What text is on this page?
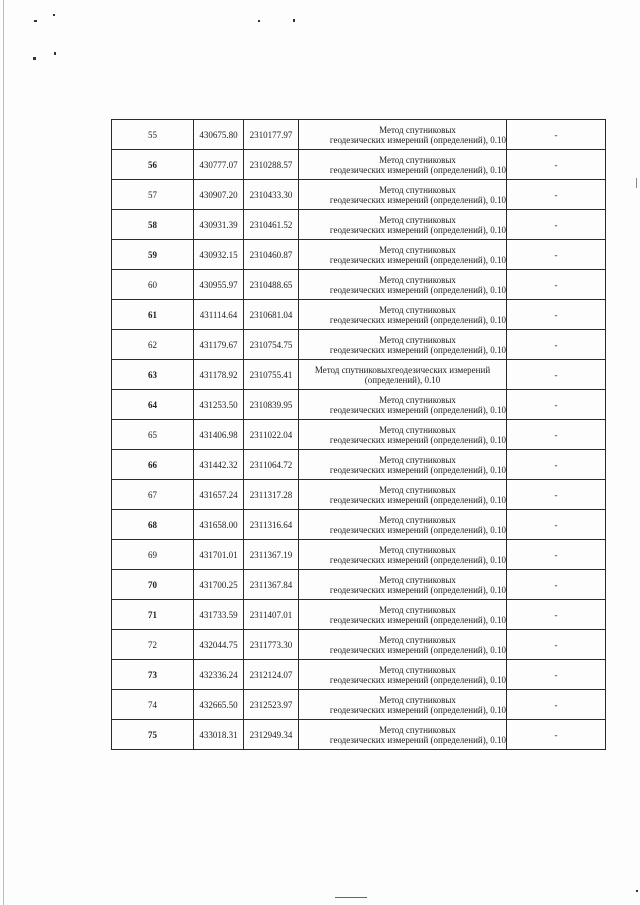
55	430675.80	2310177.97	Метод спутниковых
геодезических измерений (определений), 0.10	-
56	430777.07	2310288.57	Метод спутниковых
геодезических измерений (определений), 0.10	-
57	430907.20	2310433.30	Метод спутниковых
геодезических измерений (определений), 0.10	-
58	430931.39	2310461.52	Метод спутниковых
геодезических измерений (определений), 0.10	-
59	430932.15	2310460.87	Метод спутниковых
геодезических измерений (определений), 0.10	-
60	430955.97	2310488.65	Метод спутниковых
геодезических измерений (определений), 0.10	-
61	431114.64	2310681.04	Метод спутниковых
геодезических измерений (определений), 0.10	-
62	431179.67	2310754.75	Метод спутниковых
геодезических измерений (определений), 0.10	-
63	431178.92	2310755.41	Метод спутниковыхгеодезических измерений
(определений), 0.10	-
64	431253.50	2310839.95	Метод спутниковых
геодезических измерений (определений), 0.10	-
65	431406.98	2311022.04	Метод спутниковых
геодезических измерений (определений), 0.10	-
66	431442.32	2311064.72	Метод спутниковых
геодезических измерений (определений), 0.10	-
67	431657.24	2311317.28	Метод спутниковых
геодезических измерений (определений), 0.10	-
68	431658.00	2311316.64	Метод спутниковых
геодезических измерений (определений), 0.10	-
69	431701.01	2311367.19	Метод спутниковых
геодезических измерений (определений), 0.10	-
70	431700.25	2311367.84	Метод спутниковых
геодезических измерений (определений), 0.10	-
71	431733.59	2311407.01	Метод спутниковых
геодезических измерений (определений), 0.10	-
72	432044.75	2311773.30	Метод спутниковых
геодезических измерений (определений), 0.10	-
73	432336.24	2312124.07	Метод спутниковых
геодезических измерений (определений), 0.10	-
74	432665.50	2312523.97	Метод спутниковых
геодезических измерений (определений), 0.10	-
75	433018.31	2312949.34	Метод спутниковых
геодезических измерений (определений), 0.10	-
